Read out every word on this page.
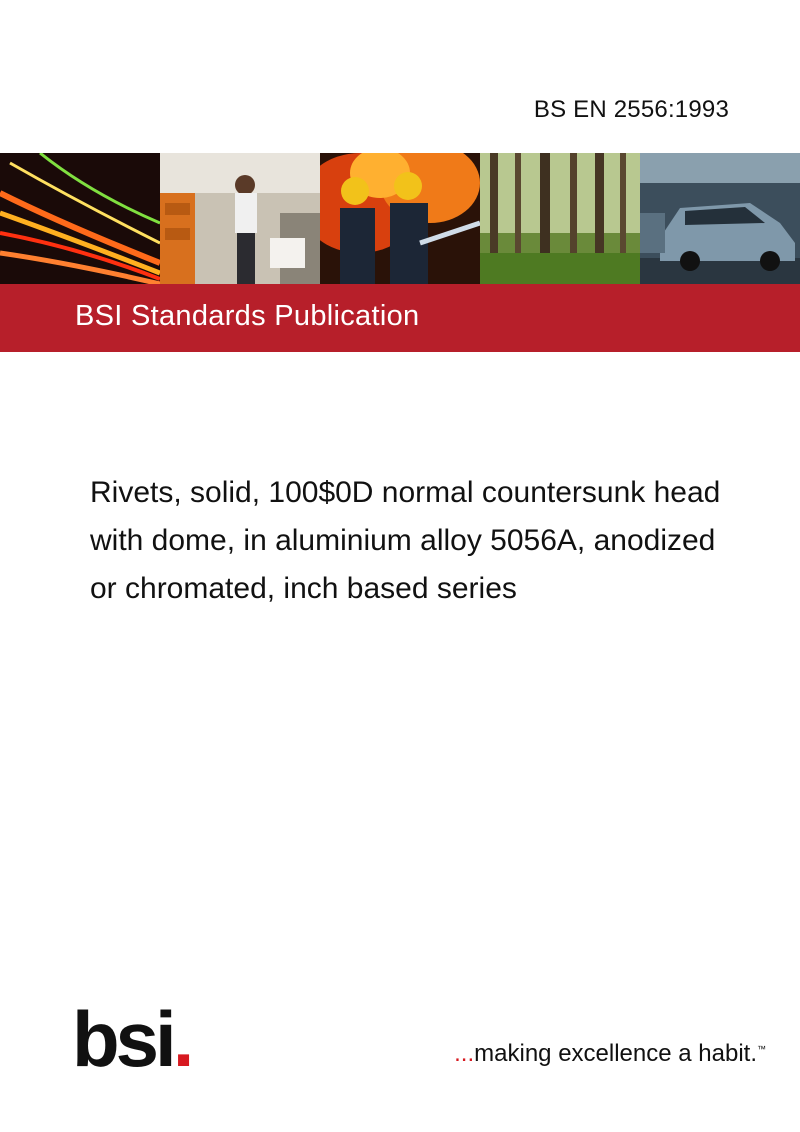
BS EN 2556:1993
BSI Standards Publication
Rivets, solid, 100$0D normal countersunk head
with dome, in aluminium alloy 5056A, anodized
or chromated, inch based series
bsi.	...making excellence a habit.™
